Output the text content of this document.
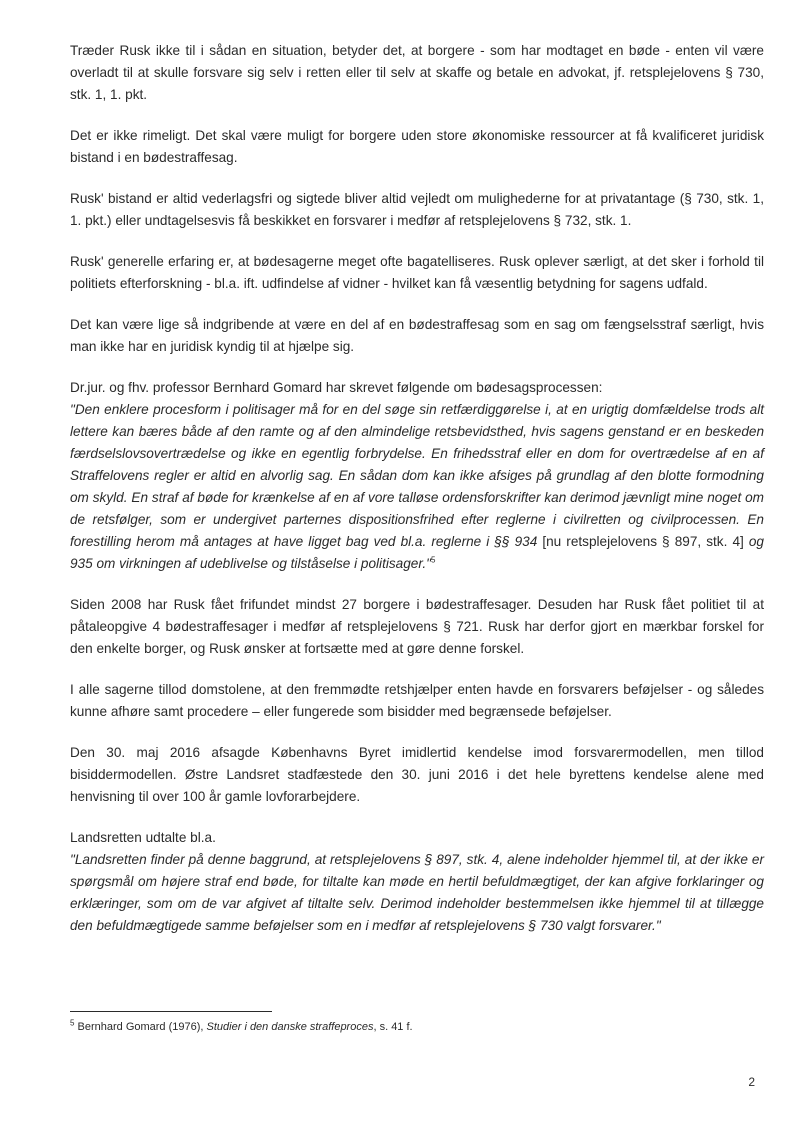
Træder Rusk ikke til i sådan en situation, betyder det, at borgere - som har modtaget en bøde - enten vil være overladt til at skulle forsvare sig selv i retten eller til selv at skaffe og betale en advokat, jf. retsplejelovens § 730, stk. 1, 1. pkt.

Det er ikke rimeligt. Det skal være muligt for borgere uden store økonomiske ressourcer at få kvalificeret juridisk bistand i en bødestraffesag.

Rusk' bistand er altid vederlagsfri og sigtede bliver altid vejledt om mulighederne for at privatantage (§ 730, stk. 1, 1. pkt.) eller undtagelsesvis få beskikket en forsvarer i medfør af retsplejelovens § 732, stk. 1.

Rusk' generelle erfaring er, at bødesagerne meget ofte bagatelliseres. Rusk oplever særligt, at det sker i forhold til politiets efterforskning - bl.a. ift. udfindelse af vidner - hvilket kan få væsentlig betydning for sagens udfald.

Det kan være lige så indgribende at være en del af en bødestraffesag som en sag om fængselsstraf særligt, hvis man ikke har en juridisk kyndig til at hjælpe sig.

Dr.jur. og fhv. professor Bernhard Gomard har skrevet følgende om bødesagsprocessen:

"Den enklere procesform i politisager må for en del søge sin retfærdiggørelse i, at en urigtig domfældelse trods alt lettere kan bæres både af den ramte og af den almindelige retsbevidsthed, hvis sagens genstand er en beskeden færdselslovsovertrædelse og ikke en egentlig forbrydelse. En frihedsstraf eller en dom for overtrædelse af en af Straffelovens regler er altid en alvorlig sag. En sådan dom kan ikke afsiges på grundlag af den blotte formodning om skyld. En straf af bøde for krænkelse af en af vore talløse ordensforskrifter kan derimod jævnligt mine noget om de retsfølger, som er undergivet parternes dispositionsfrihed efter reglerne i civilretten og civilprocessen. En forestilling herom må antages at have ligget bag ved bl.a. reglerne i §§ 934 [nu retsplejelovens § 897, stk. 4] og 935 om virkningen af udeblivelse og tilståselse i politisager."$^5$

Siden 2008 har Rusk fået frifundet mindst 27 borgere i bødestraffesager. Desuden har Rusk fået politiet til at påtaleopgive 4 bødestraffesager i medfør af retsplejelovens § 721. Rusk har derfor gjort en mærkbar forskel for den enkelte borger, og Rusk ønsker at fortsætte med at gøre denne forskel.

I alle sagerne tillod domstolene, at den fremmødte retshjælper enten havde en forsvarers beføjelser - og således kunne afhøre samt procedere – eller fungerede som bisidder med begrænsede beføjelser.

Den 30. maj 2016 afsagde Københavns Byret imidlertid kendelse imod forsvarermodellen, men tillod bisiddermodellen. Østre Landsret stadfæstede den 30. juni 2016 i det hele byrettens kendelse alene med henvisning til over 100 år gamle lovforarbejdere.

Landsretten udtalte bl.a.

"Landsretten finder på denne baggrund, at retsplejelovens § 897, stk. 4, alene indeholder hjemmel til, at der ikke er spørgsmål om højere straf end bøde, for tiltalte kan møde en hertil befuldmægtiget, der kan afgive forklaringer og erklæringer, som om de var afgivet af tiltalte selv. Derimod indeholder bestemmelsen ikke hjemmel til at tillægge den befuldmægtigede samme beføjelser som en i medfør af retsplejelovens § 730 valgt forsvarer."

$^5$ Bernhard Gomard (1976), Studier i den danske straffeproces, s. 41 f.
2
